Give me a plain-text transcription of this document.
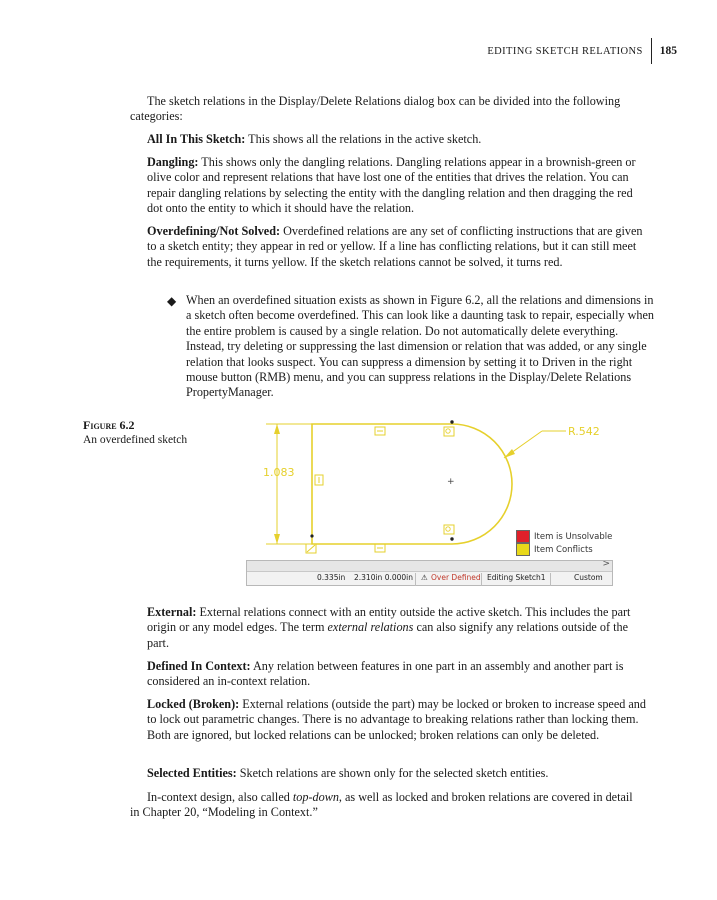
EDITING SKETCH RELATIONS	185

The sketch relations in the Display/Delete Relations dialog box can be divided into the following categories:

All In This Sketch: This shows all the relations in the active sketch.

Dangling: This shows only the dangling relations. Dangling relations appear in a brownish-green or olive color and represent relations that have lost one of the entities that drives the relation. You can repair dangling relations by selecting the entity with the dangling relation and then dragging the red dot onto the entity to which it should have the relation.

Overdefining/Not Solved: Overdefined relations are any set of conflicting instructions that are given to a sketch entity; they appear in red or yellow. If a line has conflicting relations, but it can still meet the requirements, it turns yellow. If the sketch relations cannot be solved, it turns red.

◆ When an overdefined situation exists as shown in Figure 6.2, all the relations and dimensions in a sketch often become overdefined. This can look like a daunting task to repair, especially when the entire problem is caused by a single relation. Do not automatically delete everything. Instead, try deleting or suppressing the last dimension or relation that was added, or any single relation that looks suspect. You can suppress a dimension by setting it to Driven in the right mouse button (RMB) menu, and you can suppress relations in the Display/Delete Relations PropertyManager.

Figure 6.2
An overdefined sketch
1.083
R.542
+
Item is Unsolvable
Item Conflicts
>
0.335in 2.310in 0.000in ⚠ Over Defined Editing Sketch1	Custom

External: External relations connect with an entity outside the active sketch. This includes the part origin or any model edges. The term external relations can also signify any relations outside of the part.

Defined In Context: Any relation between features in one part in an assembly and another part is considered an in-context relation.

Locked (Broken): External relations (outside the part) may be locked or broken to increase speed and to lock out parametric changes. There is no advantage to breaking relations rather than locking them. Both are ignored, but locked relations can be unlocked; broken relations can only be deleted.

Selected Entities: Sketch relations are shown only for the selected sketch entities.

In-context design, also called top-down, as well as locked and broken relations are covered in detail in Chapter 20, “Modeling in Context.”
